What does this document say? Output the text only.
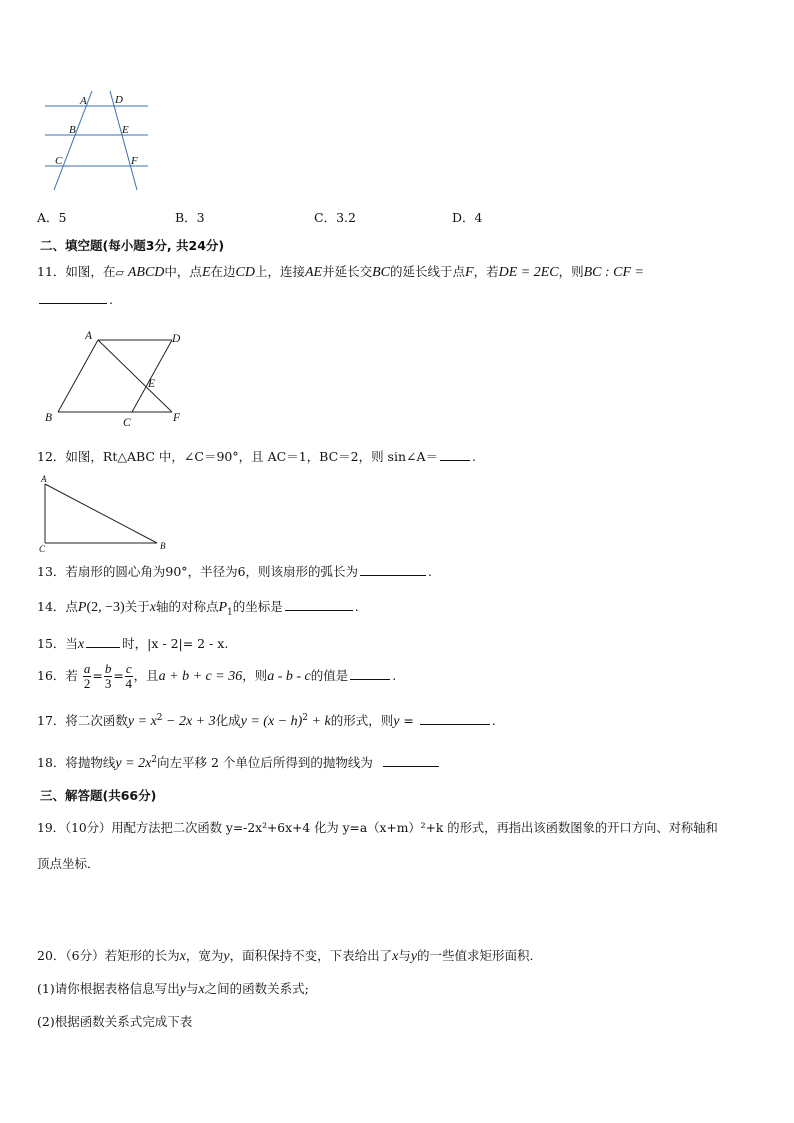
A	D
B	E
C	F
A．5	B．3	C．3.2	D．4
二、填空题(每小题3分, 共24分)
11．如图，在▱ ABCD中，点E在边CD上，连接AE并延长交BC的延长线于点F，若DE = 2EC，则BC : CF =
.
A	D
E
B	C	F
12．如图，Rt△ABC 中，∠C＝90°，且 AC＝1，BC＝2，则 sin∠A＝	.
A
C	B
13．若扇形的圆心角为90°，半径为6，则该扇形的弧长为	.
14．点P(2, −3)关于x轴的对称点$P_1$的坐标是	.
15．当x	时，|x - 2|= 2 - x.
16．若 $\frac{a}{2} = \frac{b}{3} = \frac{c}{4}$ ，且a + b + c = 36，则a - b - c的值是	.
17．将二次函数$y = x^2 - 2x + 3$化成$y = (x - h)^2 + k$的形式，则y =	.
18．将抛物线$y = 2x^2$向左平移 2 个单位后所得到的抛物线为
三、解答题(共66分)
19．（10分）用配方法把二次函数 y=-2x²+6x+4 化为 y=a（x+m）²+k 的形式，再指出该函数图象的开口方向、对称轴和
顶点坐标．
20．（6分）若矩形的长为x，宽为y，面积保持不变，下表给出了x与y的一些值求矩形面积.
(1)请你根据表格信息写出y与x之间的函数关系式;
(2)根据函数关系式完成下表
